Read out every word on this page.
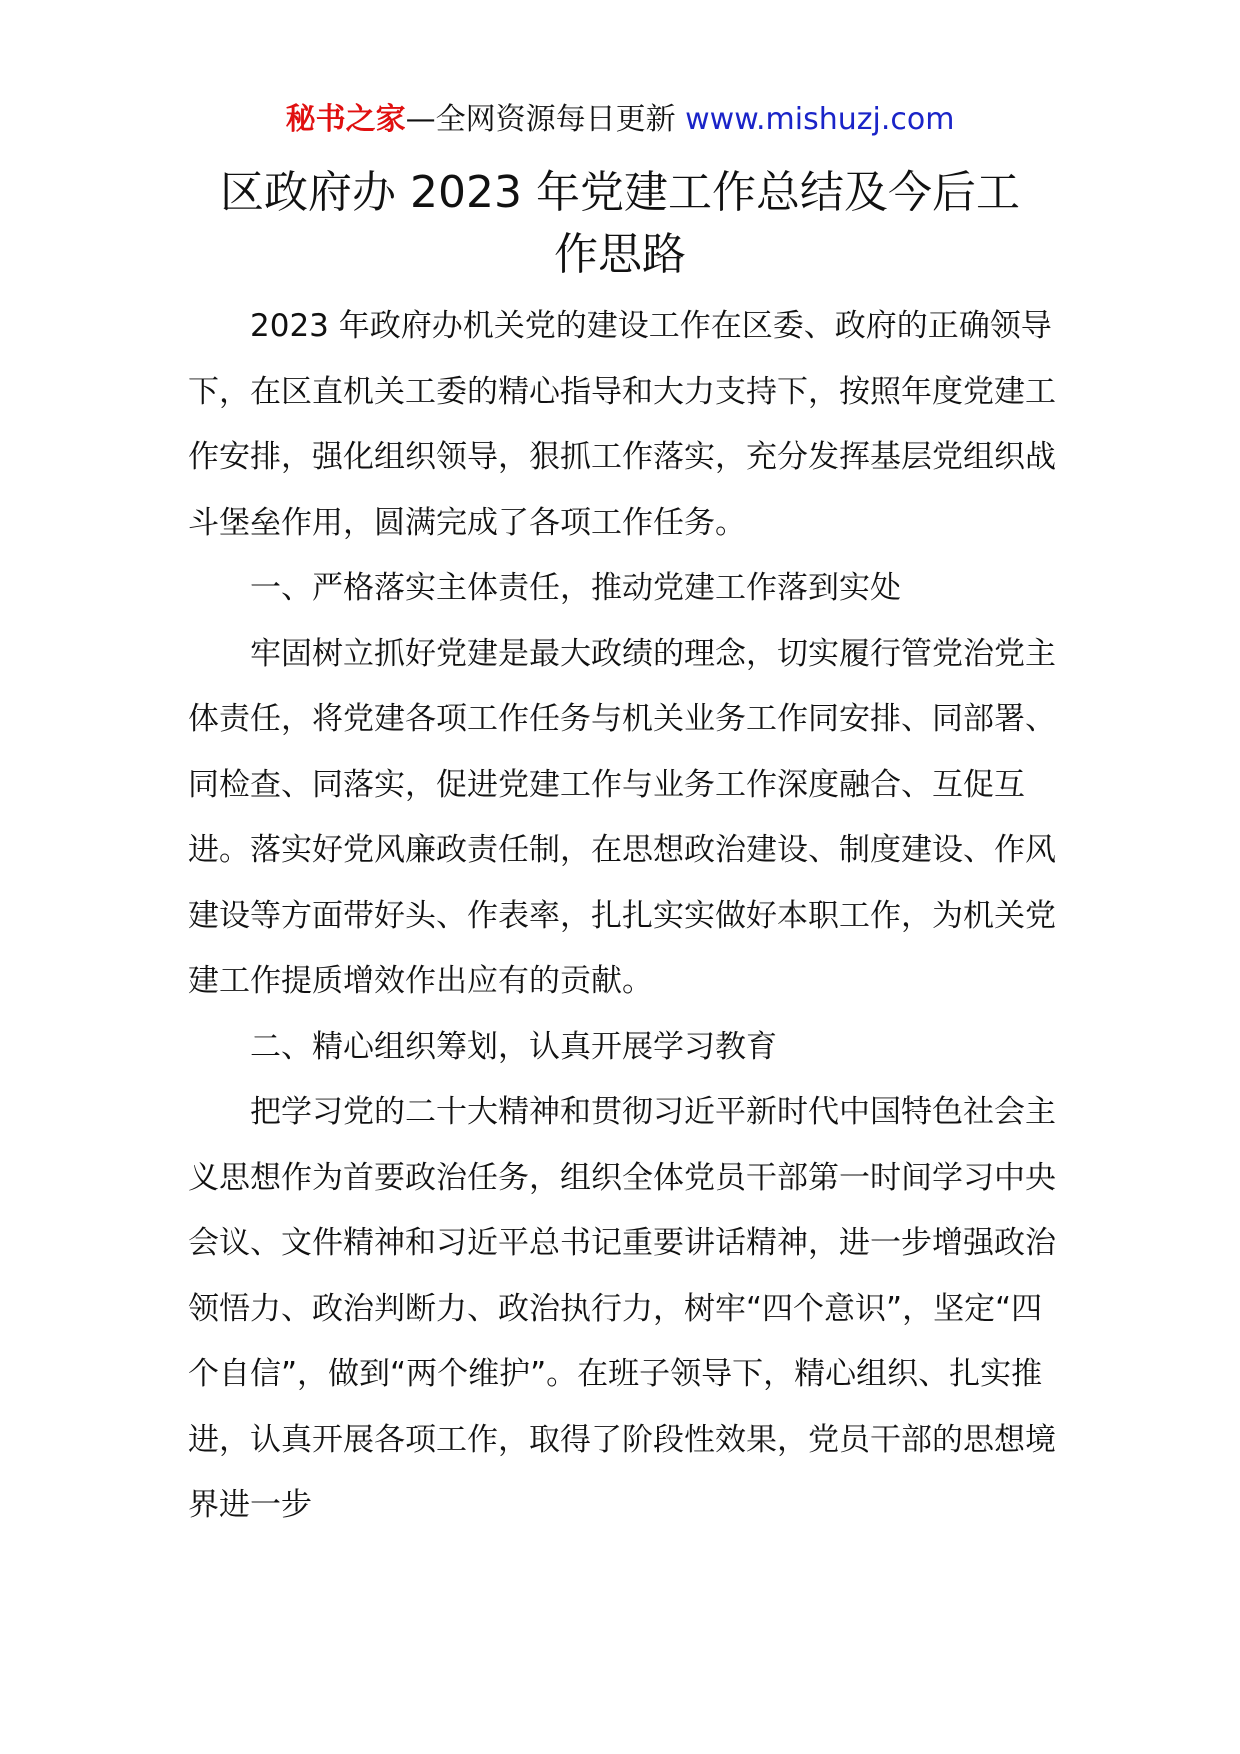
秘书之家—全网资源每日更新 www.mishuzj.com
区政府办 2023 年党建工作总结及今后工作思路

2023 年政府办机关党的建设工作在区委、政府的正确领导下，在区直机关工委的精心指导和大力支持下，按照年度党建工作安排，强化组织领导，狠抓工作落实，充分发挥基层党组织战斗堡垒作用，圆满完成了各项工作任务。

一、严格落实主体责任，推动党建工作落到实处

牢固树立抓好党建是最大政绩的理念，切实履行管党治党主体责任，将党建各项工作任务与机关业务工作同安排、同部署、同检查、同落实，促进党建工作与业务工作深度融合、互促互进。落实好党风廉政责任制，在思想政治建设、制度建设、作风建设等方面带好头、作表率，扎扎实实做好本职工作，为机关党建工作提质增效作出应有的贡献。

二、精心组织筹划，认真开展学习教育

把学习党的二十大精神和贯彻习近平新时代中国特色社会主义思想作为首要政治任务，组织全体党员干部第一时间学习中央会议、文件精神和习近平总书记重要讲话精神，进一步增强政治领悟力、政治判断力、政治执行力，树牢“四个意识”，坚定“四个自信”，做到“两个维护”。在班子领导下，精心组织、扎实推进，认真开展各项工作，取得了阶段性效果，党员干部的思想境界进一步
